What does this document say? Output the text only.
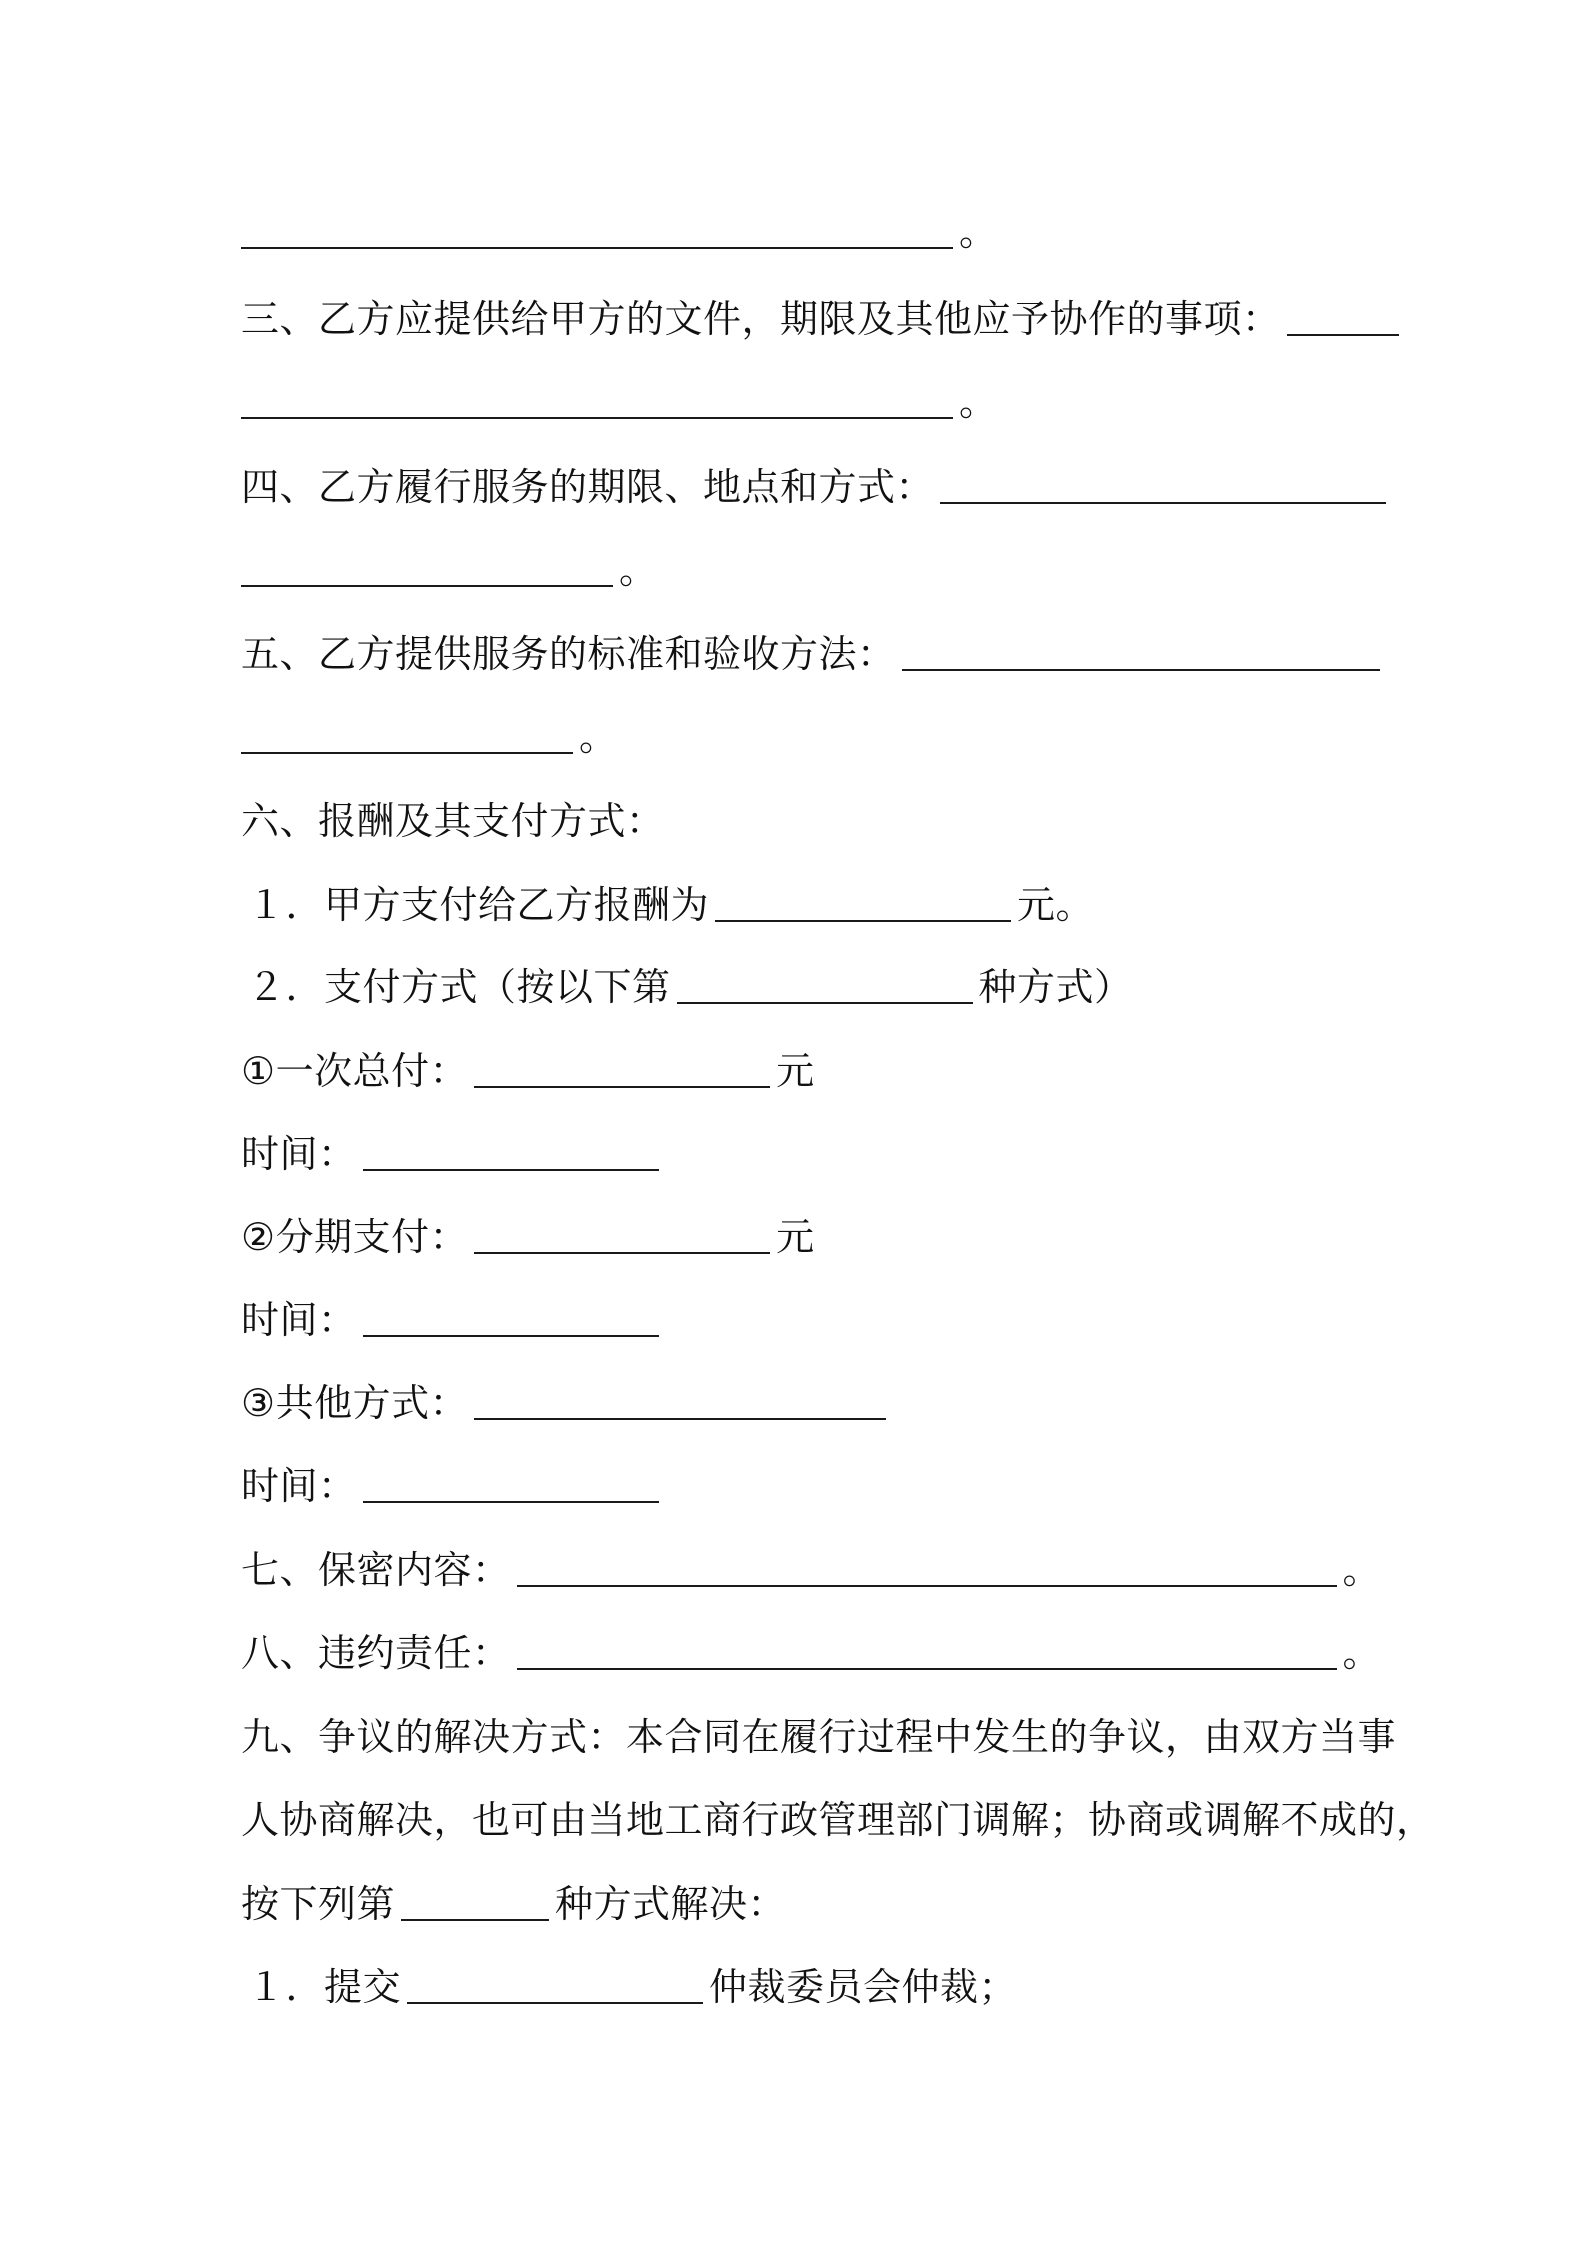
。
三、乙方应提供给甲方的文件，期限及其他应予协作的事项：
。
四、乙方履行服务的期限、地点和方式：
。
五、乙方提供服务的标准和验收方法：
。
六、报酬及其支付方式：
１．甲方支付给乙方报酬为	元。
２．支付方式（按以下第	种方式）
①一次总付：	元
时间：
②分期支付：	元
时间：
③共他方式：
时间：
七、保密内容：	。
八、违约责任：	。
九、争议的解决方式：本合同在履行过程中发生的争议，由双方当事
人协商解决，也可由当地工商行政管理部门调解；协商或调解不成的，
按下列第	种方式解决：
１．提交	仲裁委员会仲裁；
